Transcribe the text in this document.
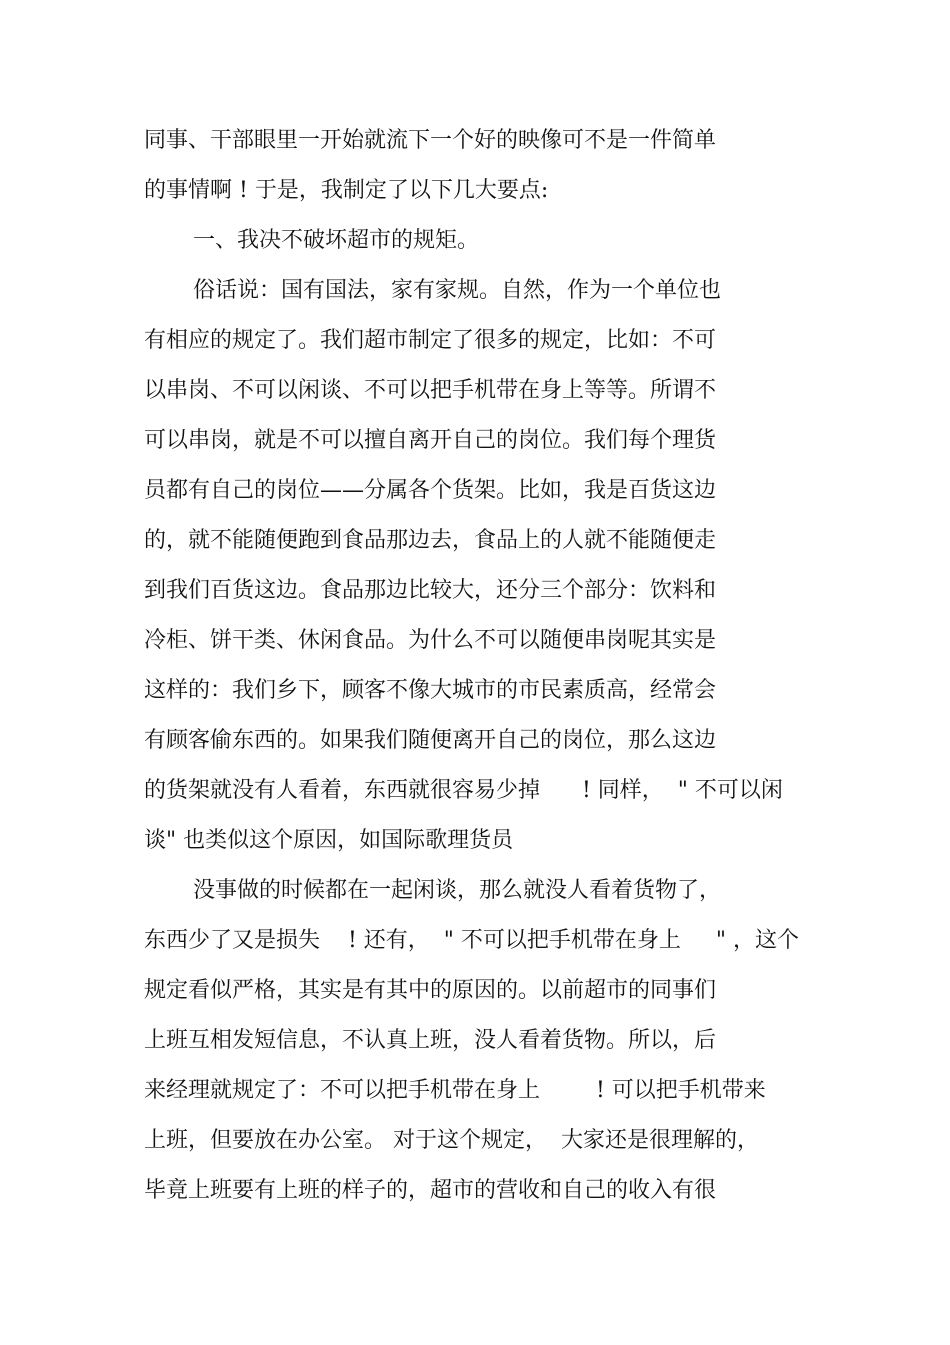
同事、干部眼里一开始就流下一个好的映像可不是一件简单
的事情啊 ! 于是，我制定了以下几大要点:
一、我决不破坏超市的规矩。
俗话说：国有国法，家有家规。自然，作为一个单位也
有相应的规定了。我们超市制定了很多的规定，比如：不可
以串岗、不可以闲谈、不可以把手机带在身上等等。所谓不
可以串岗，就是不可以擅自离开自己的岗位。我们每个理货
员都有自己的岗位——分属各个货架。比如，我是百货这边
的，就不能随便跑到食品那边去，食品上的人就不能随便走
到我们百货这边。食品那边比较大，还分三个部分：饮料和
冷柜、饼干类、休闲食品。为什么不可以随便串岗呢其实是
这样的：我们乡下，顾客不像大城市的市民素质高，经常会
有顾客偷东西的。如果我们随便离开自己的岗位，那么这边
的货架就没有人看着，东西就很容易少掉      ! 同样，  " 不可以闲
谈" 也类似这个原因，如国际歌理货员
没事做的时候都在一起闲谈，那么就没人看着货物了，
东西少了又是损失    ! 还有，  " 不可以把手机带在身上     " ，这个
规定看似严格，其实是有其中的原因的。以前超市的同事们
上班互相发短信息，不认真上班，没人看着货物。所以，后
来经理就规定了：不可以把手机带在身上        ! 可以把手机带来
上班，但要放在办公室。 对于这个规定，  大家还是很理解的，
毕竟上班要有上班的样子的，超市的营收和自己的收入有很
